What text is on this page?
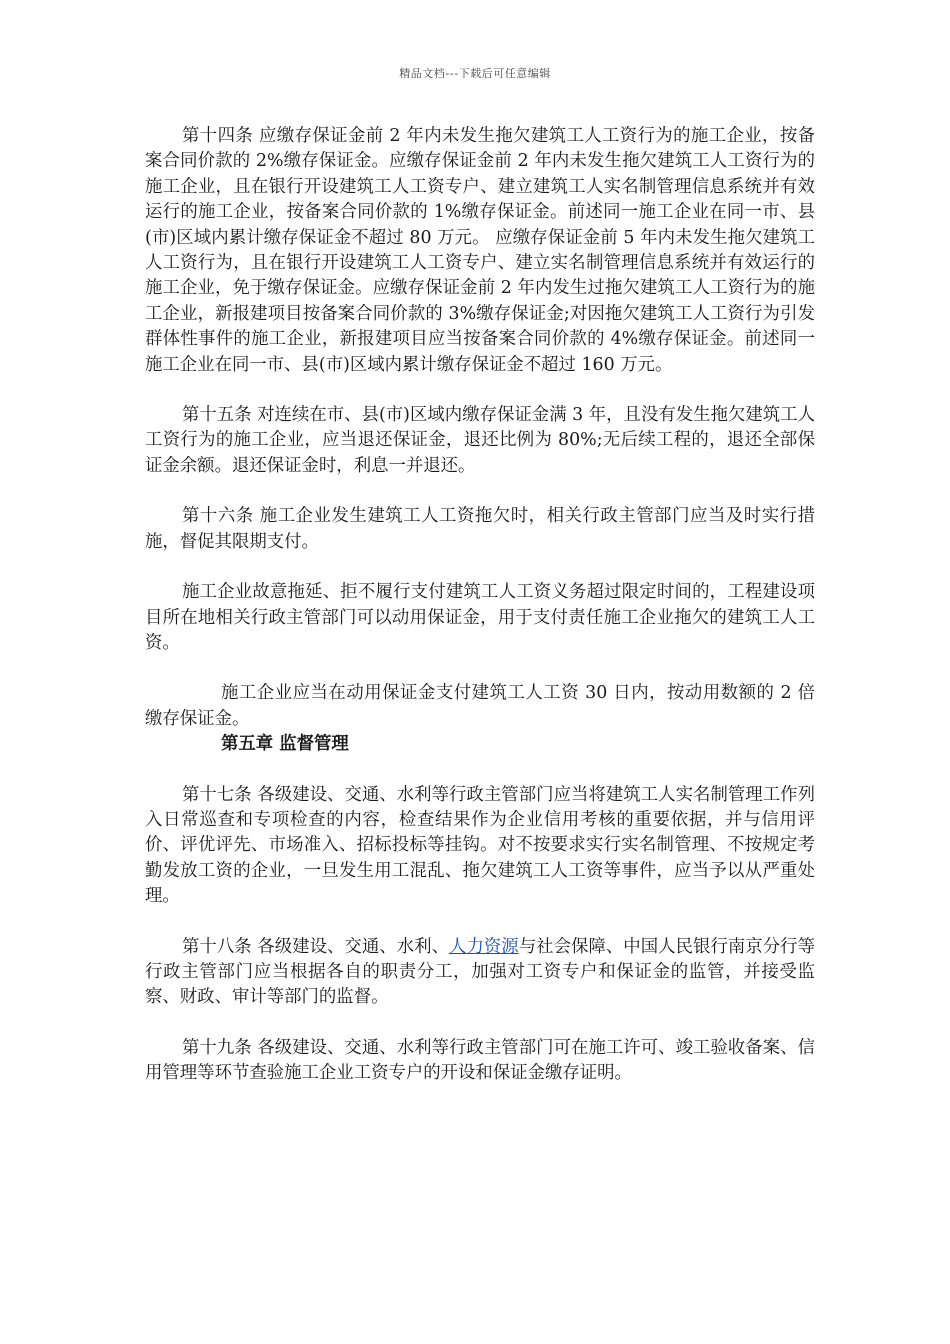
精品文档---下载后可任意编辑

第十四条 应缴存保证金前 2 年内未发生拖欠建筑工人工资行为的施工企业，按备案合同价款的 2%缴存保证金。应缴存保证金前 2 年内未发生拖欠建筑工人工资行为的施工企业，且在银行开设建筑工人工资专户、建立建筑工人实名制管理信息系统并有效运行的施工企业，按备案合同价款的 1%缴存保证金。前述同一施工企业在同一市、县(市)区域内累计缴存保证金不超过 80 万元。 应缴存保证金前 5 年内未发生拖欠建筑工人工资行为，且在银行开设建筑工人工资专户、建立实名制管理信息系统并有效运行的施工企业，免于缴存保证金。应缴存保证金前 2 年内发生过拖欠建筑工人工资行为的施工企业，新报建项目按备案合同价款的 3%缴存保证金;对因拖欠建筑工人工资行为引发群体性事件的施工企业，新报建项目应当按备案合同价款的 4%缴存保证金。前述同一施工企业在同一市、县(市)区域内累计缴存保证金不超过 160 万元。

第十五条 对连续在市、县(市)区域内缴存保证金满 3 年，且没有发生拖欠建筑工人工资行为的施工企业，应当退还保证金，退还比例为 80%;无后续工程的，退还全部保证金余额。退还保证金时，利息一并退还。

第十六条 施工企业发生建筑工人工资拖欠时，相关行政主管部门应当及时实行措施，督促其限期支付。

施工企业故意拖延、拒不履行支付建筑工人工资义务超过限定时间的，工程建设项目所在地相关行政主管部门可以动用保证金，用于支付责任施工企业拖欠的建筑工人工资。

施工企业应当在动用保证金支付建筑工人工资 30 日内，按动用数额的 2 倍缴存保证金。

第五章 监督管理

第十七条 各级建设、交通、水利等行政主管部门应当将建筑工人实名制管理工作列入日常巡查和专项检查的内容，检查结果作为企业信用考核的重要依据，并与信用评价、评优评先、市场准入、招标投标等挂钩。对不按要求实行实名制管理、不按规定考勤发放工资的企业，一旦发生用工混乱、拖欠建筑工人工资等事件，应当予以从严重处理。

第十八条 各级建设、交通、水利、人力资源与社会保障、中国人民银行南京分行等行政主管部门应当根据各自的职责分工，加强对工资专户和保证金的监管，并接受监察、财政、审计等部门的监督。

第十九条 各级建设、交通、水利等行政主管部门可在施工许可、竣工验收备案、信用管理等环节查验施工企业工资专户的开设和保证金缴存证明。
